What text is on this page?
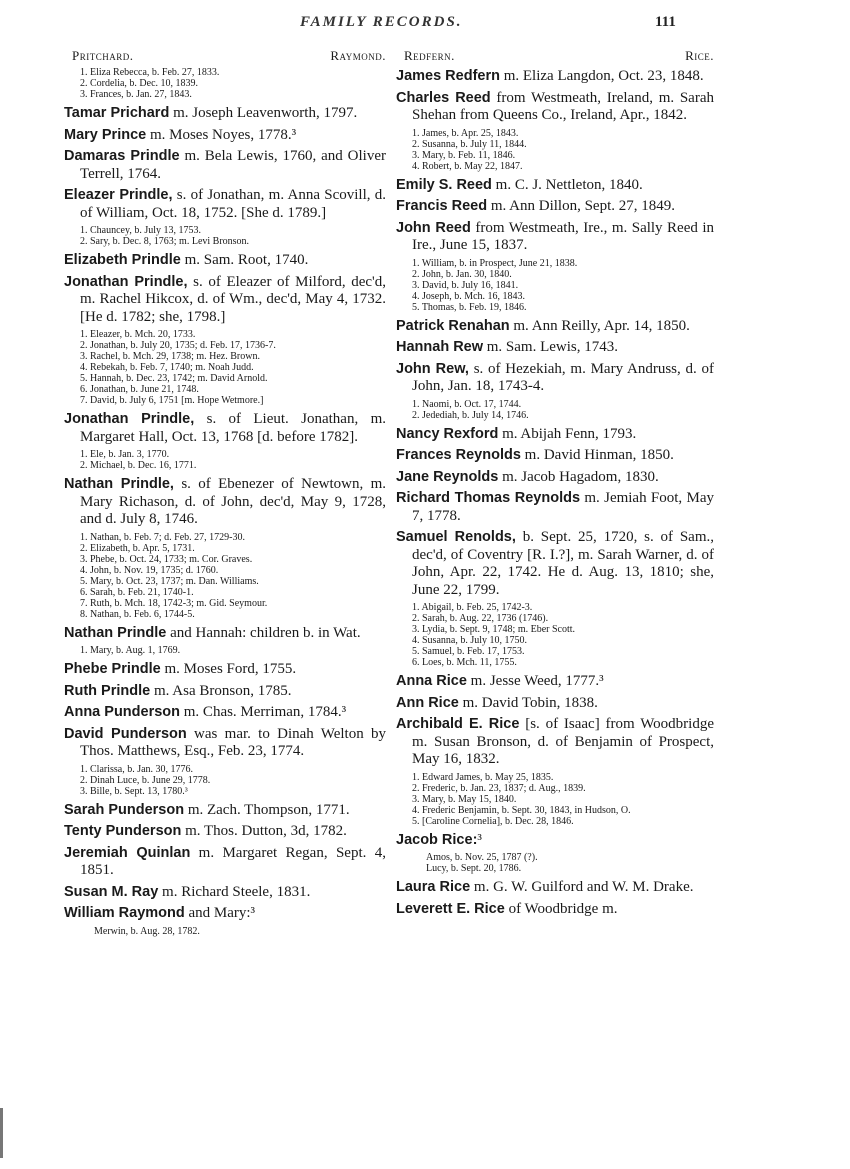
FAMILY RECORDS.	111
Pritchard.	Raymond.
1. Eliza Rebecca, b. Feb. 27, 1833.
2. Cordelia, b. Dec. 10, 1839.
3. Frances, b. Jan. 27, 1843.

Tamar Prichard m. Joseph Leavenworth, 1797.

Mary Prince m. Moses Noyes, 1778.³

Damaras Prindle m. Bela Lewis, 1760, and Oliver Terrell, 1764.

Eleazer Prindle, s. of Jonathan, m. Anna Scovill, d. of William, Oct. 18, 1752. [She d. 1789.]

1. Chauncey, b. July 13, 1753.
2. Sary, b. Dec. 8, 1763; m. Levi Bronson.

Elizabeth Prindle m. Sam. Root, 1740.

Jonathan Prindle, s. of Eleazer of Milford, dec'd, m. Rachel Hikcox, d. of Wm., dec'd, May 4, 1732. [He d. 1782; she, 1798.]

1. Eleazer, b. Mch. 20, 1733.
2. Jonathan, b. July 20, 1735; d. Feb. 17, 1736-7.
3. Rachel, b. Mch. 29, 1738; m. Hez. Brown.
4. Rebekah, b. Feb. 7, 1740; m. Noah Judd.
5. Hannah, b. Dec. 23, 1742; m. David Arnold.
6. Jonathan, b. June 21, 1748.
7. David, b. July 6, 1751 [m. Hope Wetmore.]

Jonathan Prindle, s. of Lieut. Jonathan, m. Margaret Hall, Oct. 13, 1768 [d. before 1782].

1. Ele, b. Jan. 3, 1770.
2. Michael, b. Dec. 16, 1771.

Nathan Prindle, s. of Ebenezer of Newtown, m. Mary Richason, d. of John, dec'd, May 9, 1728, and d. July 8, 1746.

1. Nathan, b. Feb. 7; d. Feb. 27, 1729-30.
2. Elizabeth, b. Apr. 5, 1731.
3. Phebe, b. Oct. 24, 1733; m. Cor. Graves.
4. John, b. Nov. 19, 1735; d. 1760.
5. Mary, b. Oct. 23, 1737; m. Dan. Williams.
6. Sarah, b. Feb. 21, 1740-1.
7. Ruth, b. Mch. 18, 1742-3; m. Gid. Seymour.
8. Nathan, b. Feb. 6, 1744-5.

Nathan Prindle and Hannah: children b. in Wat.

1. Mary, b. Aug. 1, 1769.

Phebe Prindle m. Moses Ford, 1755.

Ruth Prindle m. Asa Bronson, 1785.

Anna Punderson m. Chas. Merriman, 1784.³

David Punderson was mar. to Dinah Welton by Thos. Matthews, Esq., Feb. 23, 1774.

1. Clarissa, b. Jan. 30, 1776.
2. Dinah Luce, b. June 29, 1778.
3. Bille, b. Sept. 13, 1780.³

Sarah Punderson m. Zach. Thompson, 1771.

Tenty Punderson m. Thos. Dutton, 3d, 1782.

Jeremiah Quinlan m. Margaret Regan, Sept. 4, 1851.

Susan M. Ray m. Richard Steele, 1831.

William Raymond and Mary:³

Merwin, b. Aug. 28, 1782.
Redfern.	Rice.

James Redfern m. Eliza Langdon, Oct. 23, 1848.

Charles Reed from Westmeath, Ireland, m. Sarah Shehan from Queens Co., Ireland, Apr., 1842.

1. James, b. Apr. 25, 1843.
2. Susanna, b. July 11, 1844.
3. Mary, b. Feb. 11, 1846.
4. Robert, b. May 22, 1847.

Emily S. Reed m. C. J. Nettleton, 1840.

Francis Reed m. Ann Dillon, Sept. 27, 1849.

John Reed from Westmeath, Ire., m. Sally Reed in Ire., June 15, 1837.

1. William, b. in Prospect, June 21, 1838.
2. John, b. Jan. 30, 1840.
3. David, b. July 16, 1841.
4. Joseph, b. Mch. 16, 1843.
5. Thomas, b. Feb. 19, 1846.

Patrick Renahan m. Ann Reilly, Apr. 14, 1850.

Hannah Rew m. Sam. Lewis, 1743.

John Rew, s. of Hezekiah, m. Mary Andruss, d. of John, Jan. 18, 1743-4.

1. Naomi, b. Oct. 17, 1744.
2. Jedediah, b. July 14, 1746.

Nancy Rexford m. Abijah Fenn, 1793.

Frances Reynolds m. David Hinman, 1850.

Jane Reynolds m. Jacob Hagadom, 1830.

Richard Thomas Reynolds m. Jemiah Foot, May 7, 1778.

Samuel Renolds, b. Sept. 25, 1720, s. of Sam., dec'd, of Coventry [R. I.?], m. Sarah Warner, d. of John, Apr. 22, 1742. He d. Aug. 13, 1810; she, June 22, 1799.

1. Abigail, b. Feb. 25, 1742-3.
2. Sarah, b. Aug. 22, 1736 (1746).
3. Lydia, b. Sept. 9, 1748; m. Eber Scott.
4. Susanna, b. July 10, 1750.
5. Samuel, b. Feb. 17, 1753.
6. Loes, b. Mch. 11, 1755.

Anna Rice m. Jesse Weed, 1777.³

Ann Rice m. David Tobin, 1838.

Archibald E. Rice [s. of Isaac] from Woodbridge m. Susan Bronson, d. of Benjamin of Prospect, May 16, 1832.

1. Edward James, b. May 25, 1835.
2. Frederic, b. Jan. 23, 1837; d. Aug., 1839.
3. Mary, b. May 15, 1840.
4. Frederic Benjamin, b. Sept. 30, 1843, in Hudson, O.
5. [Caroline Cornelia], b. Dec. 28, 1846.

Jacob Rice:³

Amos, b. Nov. 25, 1787 (?).
Lucy, b. Sept. 20, 1786.

Laura Rice m. G. W. Guilford and W. M. Drake.

Leverett E. Rice of Woodbridge m.
